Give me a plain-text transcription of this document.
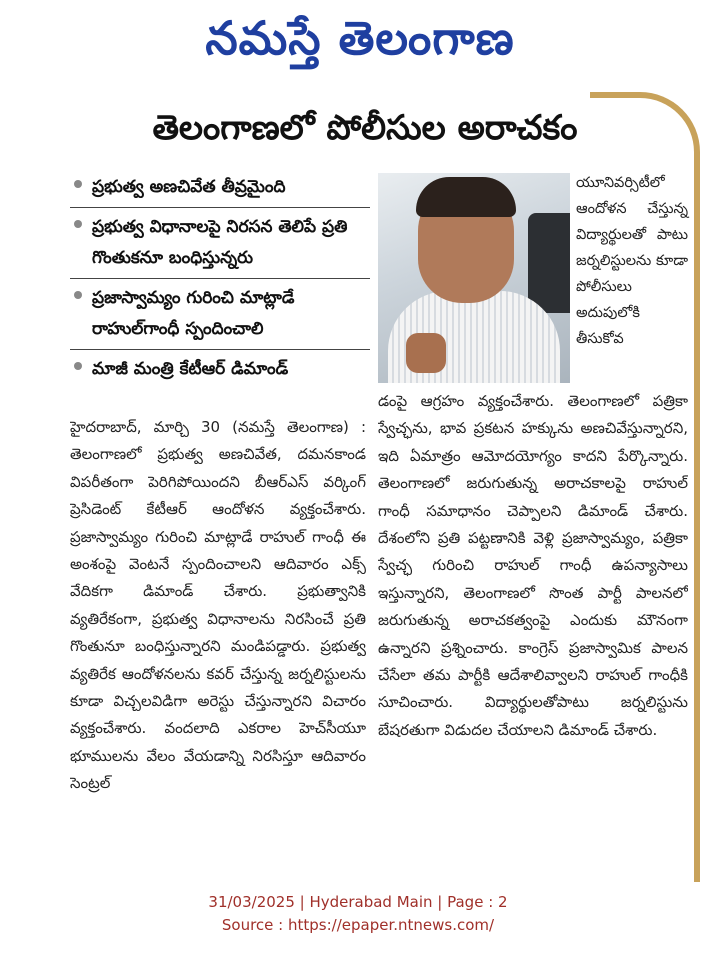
నమస్తే తెలంగాణ
తెలంగాణలో పోలీసుల అరాచకం
ప్రభుత్వ అణచివేత తీవ్రమైంది
ప్రభుత్వ విధానాలపై నిరసన తెలిపే ప్రతి గొంతుకనూ బంధిస్తున్నరు
ప్రజాస్వామ్యం గురించి మాట్లాడే రాహుల్‌గాంధీ స్పందించాలి
మాజీ మంత్రి కేటీఆర్ డిమాండ్

యూనివర్సిటీలో ఆందోళన చేస్తున్న విద్యార్థులతో పాటు జర్నలిస్టులను కూడా పోలీసులు అదుపులోకి తీసుకోవ

హైదరాబాద్, మార్చి 30 (నమస్తే తెలంగాణ) : తెలంగాణలో ప్రభుత్వ అణచివేత, దమనకాండ విపరీతంగా పెరిగిపోయిందని బీఆర్ఎస్ వర్కింగ్ ప్రెసిడెంట్ కేటీఆర్ ఆందోళన వ్యక్తంచేశారు. ప్రజాస్వామ్యం గురించి మాట్లాడే రాహుల్ గాంధీ ఈ అంశంపై వెంటనే స్పందించాలని ఆదివారం ఎక్స్ వేదికగా డిమాండ్ చేశారు. ప్రభుత్వానికి వ్యతిరేకంగా, ప్రభుత్వ విధానాలను నిరసించే ప్రతి గొంతునూ బంధిస్తున్నారని మండిపడ్డారు. ప్రభుత్వ వ్యతిరేక ఆందోళనలను కవర్ చేస్తున్న జర్నలిస్టులను కూడా విచ్చలవిడిగా అరెస్టు చేస్తున్నారని విచారం వ్యక్తంచేశారు. వందలాది ఎకరాల హెచ్‌సీయూ భూములను వేలం వేయడాన్ని నిరసిస్తూ ఆదివారం సెంట్రల్

డంపై ఆగ్రహం వ్యక్తంచేశారు. తెలంగాణలో పత్రికా స్వేచ్ఛను, భావ ప్రకటన హక్కును అణచివేస్తున్నారని, ఇది ఏమాత్రం ఆమోదయోగ్యం కాదని పేర్కొన్నారు. తెలంగాణలో జరుగుతున్న అరాచకాలపై రాహుల్ గాంధీ సమాధానం చెప్పాలని డిమాండ్ చేశారు. దేశంలోని ప్రతి పట్టణానికి వెళ్లి ప్రజాస్వామ్యం, పత్రికా స్వేచ్ఛ గురించి రాహుల్ గాంధీ ఉపన్యాసాలు ఇస్తున్నారని, తెలంగాణలో సొంత పార్టీ పాలనలో జరుగుతున్న అరాచకత్వంపై ఎందుకు మౌనంగా ఉన్నారని ప్రశ్నించారు. కాంగ్రెస్ ప్రజాస్వామిక పాలన చేసేలా తమ పార్టీకి ఆదేశాలివ్వాలని రాహుల్ గాంధీకి సూచించారు. విద్యార్థులతోపాటు జర్నలిస్టును బేషరతుగా విడుదల చేయాలని డిమాండ్ చేశారు.

31/03/2025 | Hyderabad Main | Page : 2
Source : https://epaper.ntnews.com/
